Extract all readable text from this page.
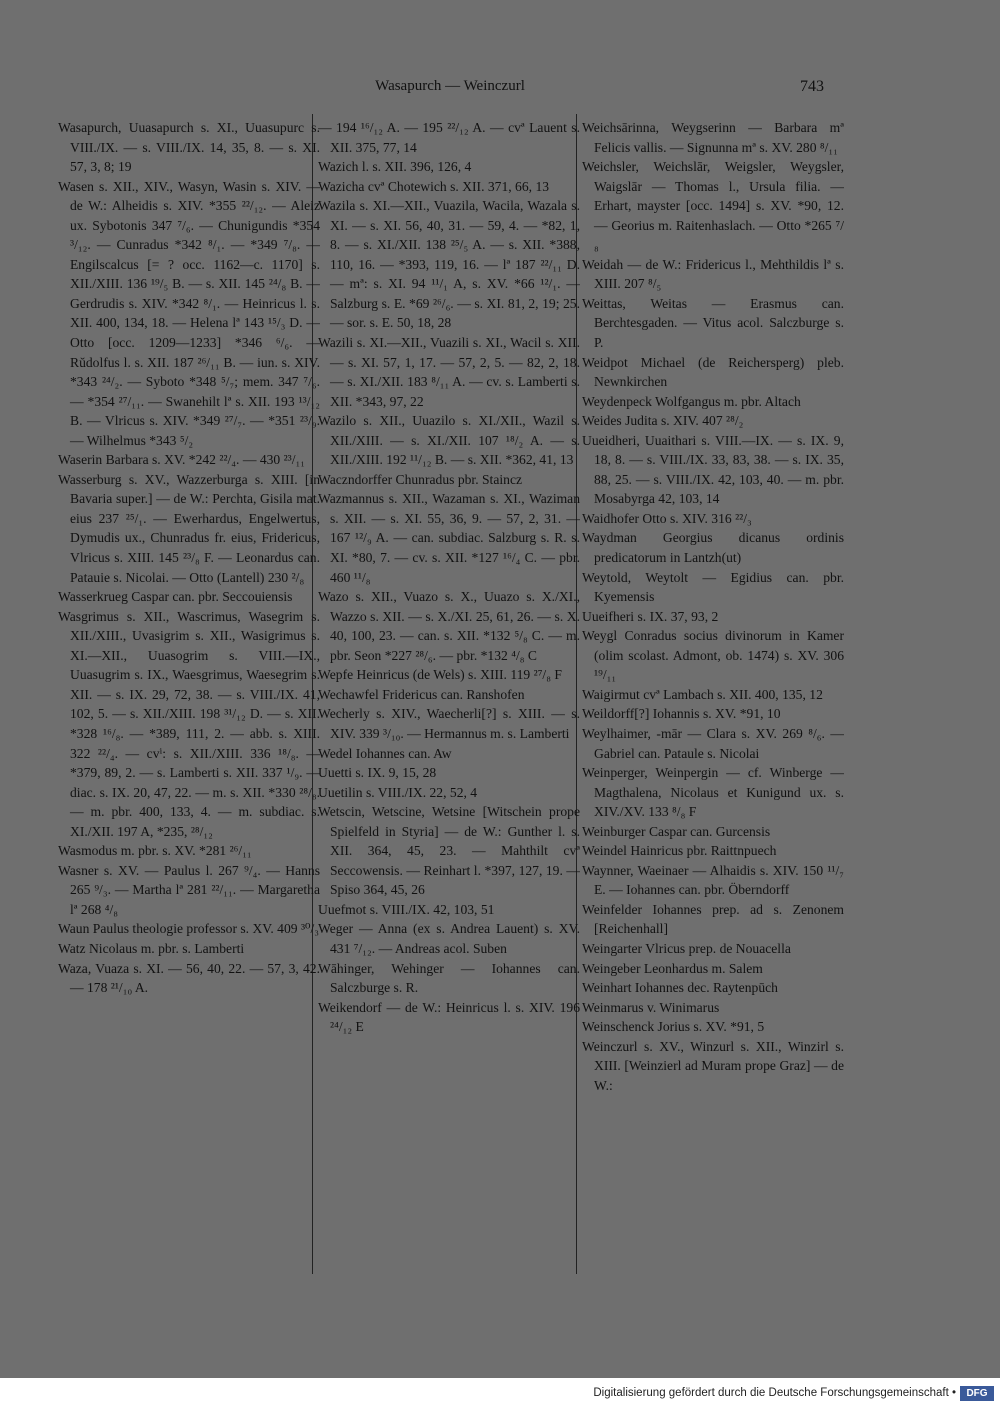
Wasapurch — Weinczurl	743

Wasapurch, Uuasapurch s. XI., Uuasupurc s. VIII./IX. — s. VIII./IX. 14, 35, 8. — s. XI. 57, 3, 8; 19

Wasen s. XII., XIV., Wasyn, Wasin s. XIV. — de W.: Alheidis s. XIV. *355 ²²/₁₂. — Aleiz ux. Sybotonis 347 ⁷/₆. — Chunigundis *354 ³/₁₂. — Cunradus *342 ⁸/₁. — *349 ⁷/₈. — Engilscalcus [= ? occ. 1162—c. 1170] s. XII./XIII. 136 ¹⁹/₅ B. — s. XII. 145 ²⁴/₈ B. — Gerdrudis s. XIV. *342 ⁸/₁. — Heinricus l. s. XII. 400, 134, 18. — Helena lª 143 ¹⁵/₃ D. — Otto [occ. 1209—1233] *346 ⁶/₆. — Rŭdolfus l. s. XII. 187 ²⁶/₁₁ B. — iun. s. XIV. *343 ²⁴/₂. — Syboto *348 ⁵/₇; mem. 347 ⁷/₆. — *354 ²⁷/₁₁. — Swanehilt lª s. XII. 193 ¹³/₁₂ B. — Vlricus s. XIV. *349 ²⁷/₇. — *351 ²³/₉. — Wilhelmus *343 ⁵/₂

Waserin Barbara s. XV. *242 ²²/₄. — 430 ²³/₁₁

Wasserburg s. XV., Wazzerburga s. XIII. [in Bavaria super.] — de W.: Perchta, Gisila mat. eius 237 ²⁵/₁. — Ewerhardus, Engelwertus, Dymudis ux., Chunradus fr. eius, Fridericus, Vlricus s. XIII. 145 ²³/₈ F. — Leonardus can. Patauie s. Nicolai. — Otto (Lantell) 230 ²/₈

Wasserkrueg Caspar can. pbr. Seccouiensis

Wasgrimus s. XII., Wascrimus, Wasegrim s. XII./XIII., Uvasigrim s. XII., Wasigrimus s. XI.—XII., Uuasogrim s. VIII.—IX., Uuasugrim s. IX., Waesgrimus, Waesegrim s. XII. — s. IX. 29, 72, 38. — s. VIII./IX. 41, 102, 5. — s. XII./XIII. 198 ³¹/₁₂ D. — s. XII. *328 ¹⁶/₈. — *389, 111, 2. — abb. s. XIII. 322 ²²/₄. — cvⁱ: s. XII./XIII. 336 ¹⁸/₈. — *379, 89, 2. — s. Lamberti s. XII. 337 ¹/₉. — diac. s. IX. 20, 47, 22. — m. s. XII. *330 ²⁸/₈. — m. pbr. 400, 133, 4. — m. subdiac. s. XI./XII. 197 A, *235, ²⁸/₁₂

Wasmodus m. pbr. s. XV. *281 ²⁶/₁₁

Wasner s. XV. — Paulus l. 267 ⁹/₄. — Hanns 265 ⁹/₃. — Martha lª 281 ²²/₁₁. — Margaretha lª 268 ⁴/₈

Waun Paulus theologie professor s. XV. 409 ³⁰/₃

Watz Nicolaus m. pbr. s. Lamberti

Waza, Vuaza s. XI. — 56, 40, 22. — 57, 3, 42. — 178 ²¹/₁₀ A.

— 194 ¹⁶/₁₂ A. — 195 ²²/₁₂ A. — cvª Lauent s. XII. 375, 77, 14

Wazich l. s. XII. 396, 126, 4

Wazicha cvª Chotewich s. XII. 371, 66, 13

Wazila s. XI.—XII., Vuazila, Wacila, Wazala s. XI. — s. XI. 56, 40, 31. — 59, 4. — *82, 1, 8. — s. XI./XII. 138 ²⁵/₅ A. — s. XII. *388, 110, 16. — *393, 119, 16. — lª 187 ²²/₁₁ D. — mª: s. XI. 94 ¹¹/₁ A, s. XV. *66 ¹²/₁. — Salzburg s. E. *69 ²⁶/₆. — s. XI. 81, 2, 19; 25. — sor. s. E. 50, 18, 28

Wazili s. XI.—XII., Vuazili s. XI., Wacil s. XII. — s. XI. 57, 1, 17. — 57, 2, 5. — 82, 2, 18. — s. XI./XII. 183 ⁸/₁₁ A. — cv. s. Lamberti s. XII. *343, 97, 22

Wazilo s. XII., Uuazilo s. XI./XII., Wazil s. XII./XIII. — s. XI./XII. 107 ¹⁸/₂ A. — s. XII./XIII. 192 ¹¹/₁₂ B. — s. XII. *362, 41, 13

Waczndorffer Chunradus pbr. Staincz

Wazmannus s. XII., Wazaman s. XI., Waziman s. XII. — s. XI. 55, 36, 9. — 57, 2, 31. — 167 ¹²/₉ A. — can. subdiac. Salzburg s. R. s. XI. *80, 7. — cv. s. XII. *127 ¹⁶/₄ C. — pbr. 460 ¹¹/₈

Wazo s. XII., Vuazo s. X., Uuazo s. X./XI., Wazzo s. XII. — s. X./XI. 25, 61, 26. — s. X. 40, 100, 23. — can. s. XII. *132 ⁵/₈ C. — m. pbr. Seon *227 ²⁸/₆. — pbr. *132 ⁴/₈ C

Wepfe Heinricus (de Wels) s. XIII. 119 ²⁷/₈ F

Wechawfel Fridericus can. Ranshofen

Wecherly s. XIV., Waecherli[?] s. XIII. — s. XIV. 339 ³/₁₀. — Hermannus m. s. Lamberti

Wedel Iohannes can. Aw

Uuetti s. IX. 9, 15, 28

Uuetilin s. VIII./IX. 22, 52, 4

Wetscin, Wetscine, Wetsine [Witschein prope Spielfeld in Styria] — de W.: Gunther l. s. XII. 364, 45, 23. — Mahthilt cvª Seccowensis. — Reinhart l. *397, 127, 19. — Spiso 364, 45, 26

Uuefmot s. VIII./IX. 42, 103, 51

Weger — Anna (ex s. Andrea Lauent) s. XV. 431 ⁷/₁₂. — Andreas acol. Suben

Wāhinger, Wehinger — Iohannes can. Salczburge s. R.

Weikendorf — de W.: Heinricus l. s. XIV. 196 ²⁴/₁₂ E

Weichsārinna, Weygserinn — Barbara mª Felicis vallis. — Signunna mª s. XV. 280 ⁸/₁₁

Weichsler, Weichslār, Weigsler, Weygsler, Waigslār — Thomas l., Ursula filia. — Erhart, mayster [occ. 1494] s. XV. *90, 12. — Georius m. Raitenhaslach. — Otto *265 ⁷/₈

Weidah — de W.: Fridericus l., Mehthildis lª s. XIII. 207 ⁸/₅

Weittas, Weitas — Erasmus can. Berchtesgaden. — Vitus acol. Salczburge s. P.

Weidpot Michael (de Reichersperg) pleb. Newnkirchen

Weydenpeck Wolfgangus m. pbr. Altach

Weides Judita s. XIV. 407 ²⁸/₂

Uueidheri, Uuaithari s. VIII.—IX. — s. IX. 9, 18, 8. — s. VIII./IX. 33, 83, 38. — s. IX. 35, 88, 25. — s. VIII./IX. 42, 103, 40. — m. pbr. Mosabyrga 42, 103, 14

Waidhofer Otto s. XIV. 316 ²²/₃

Waydman Georgius dicanus ordinis predicatorum in Lantzh(ut)

Weytold, Weytolt — Egidius can. pbr. Kyemensis

Uueifheri s. IX. 37, 93, 2

Weygl Conradus socius divinorum in Kamer (olim scolast. Admont, ob. 1474) s. XV. 306 ¹⁹/₁₁

Waigirmut cvª Lambach s. XII. 400, 135, 12

Weildorff[?] Iohannis s. XV. *91, 10

Weylhaimer, -mār — Clara s. XV. 269 ⁸/₆. — Gabriel can. Pataule s. Nicolai

Weinperger, Weinpergin — cf. Winberge — Magthalena, Nicolaus et Kunigund ux. s. XIV./XV. 133 ⁸/₈ F

Weinburger Caspar can. Gurcensis

Weindel Hainricus pbr. Raittnpuech

Waynner, Waeinaer — Alhaidis s. XIV. 150 ¹¹/₇ E. — Iohannes can. pbr. Öberndorff

Weinfelder Iohannes prep. ad s. Zenonem [Reichenhall]

Weingarter Vlricus prep. de Nouacella

Weingeber Leonhardus m. Salem

Weinhart Iohannes dec. Raytenpūch

Weinmarus v. Winimarus

Weinschenck Jorius s. XV. *91, 5

Weinczurl s. XV., Winzurl s. XII., Winzirl s. XIII. [Weinzierl ad Muram prope Graz] — de W.:

Digitalisierung gefördert durch die Deutsche Forschungsgemeinschaft •	DFG
